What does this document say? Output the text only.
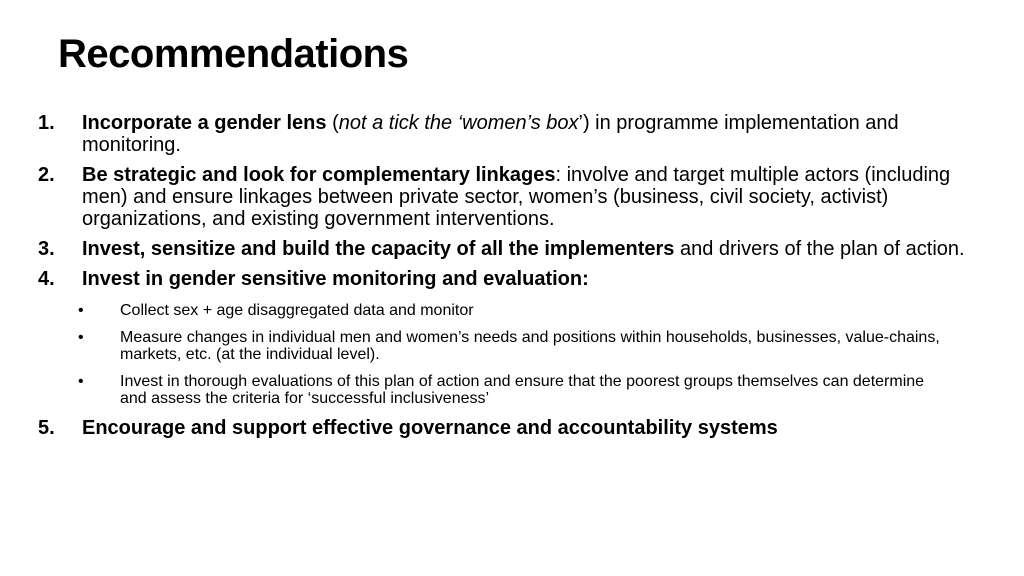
Recommendations
1. Incorporate a gender lens (not a tick the ‘women’s box’) in programme implementation and monitoring.
2. Be strategic and look for complementary linkages: involve and target multiple actors (including men) and ensure linkages between private sector, women’s (business, civil society, activist) organizations, and existing government interventions.
3. Invest, sensitize and build the capacity of all the implementers and drivers of the plan of action.
4. Invest in gender sensitive monitoring and evaluation:
• Collect sex + age disaggregated data and monitor
• Measure changes in individual men and women’s needs and positions within households, businesses, value-chains, markets, etc. (at the individual level).
• Invest in thorough evaluations of this plan of action and ensure that the poorest groups themselves can determine and assess the criteria for ‘successful inclusiveness’
5. Encourage and support effective governance and accountability systems
